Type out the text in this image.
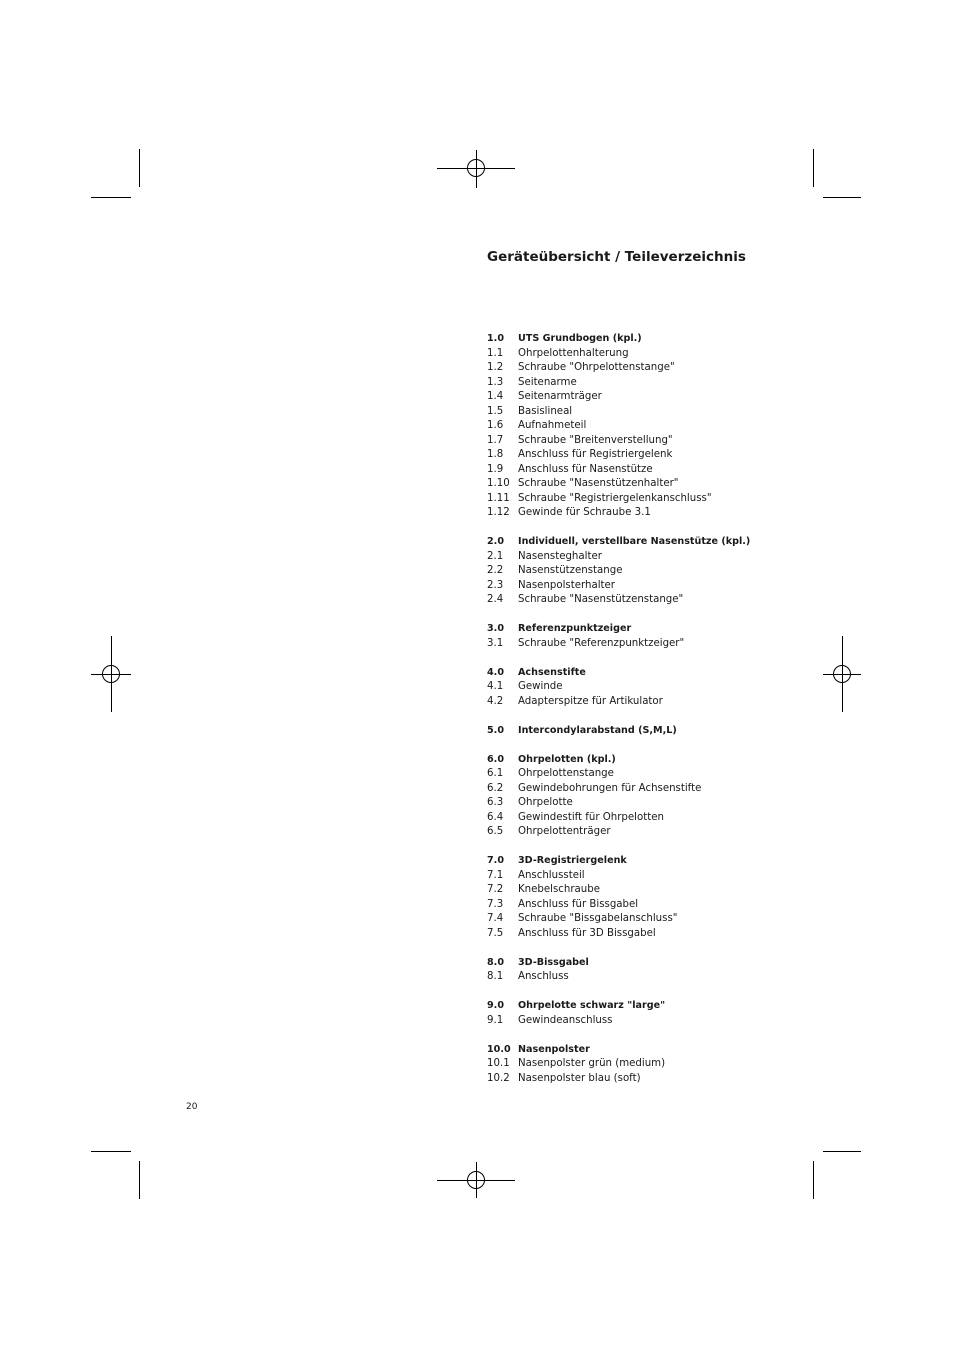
Geräteübersicht / Teileverzeichnis
1.0	UTS Grundbogen (kpl.)
1.1	Ohrpelottenhalterung
1.2	Schraube "Ohrpelottenstange"
1.3	Seitenarme
1.4	Seitenarmträger
1.5	Basislineal
1.6	Aufnahmeteil
1.7	Schraube "Breitenverstellung"
1.8	Anschluss für Registriergelenk
1.9	Anschluss für Nasenstütze
1.10 Schraube "Nasenstützenhalter"
1.11 Schraube "Registriergelenkanschluss"
1.12 Gewinde für Schraube 3.1
2.0	Individuell, verstellbare Nasenstütze (kpl.)
2.1	Nasensteghalter
2.2	Nasenstützenstange
2.3	Nasenpolsterhalter
2.4	Schraube "Nasenstützenstange"
3.0	Referenzpunktzeiger
3.1	Schraube "Referenzpunktzeiger"
4.0	Achsenstifte
4.1	Gewinde
4.2	Adapterspitze für Artikulator
5.0	Intercondylarabstand (S,M,L)
6.0	Ohrpelotten (kpl.)
6.1	Ohrpelottenstange
6.2	Gewindebohrungen für Achsenstifte
6.3	Ohrpelotte
6.4	Gewindestift für Ohrpelotten
6.5	Ohrpelottenträger
7.0	3D-Registriergelenk
7.1	Anschlussteil
7.2	Knebelschraube
7.3	Anschluss für Bissgabel
7.4	Schraube "Bissgabelanschluss"
7.5	Anschluss für 3D Bissgabel
8.0	3D-Bissgabel
8.1	Anschluss
9.0	Ohrpelotte schwarz "large"
9.1	Gewindeanschluss
10.0 Nasenpolster
10.1 Nasenpolster grün (medium)
10.2 Nasenpolster blau (soft)
20
